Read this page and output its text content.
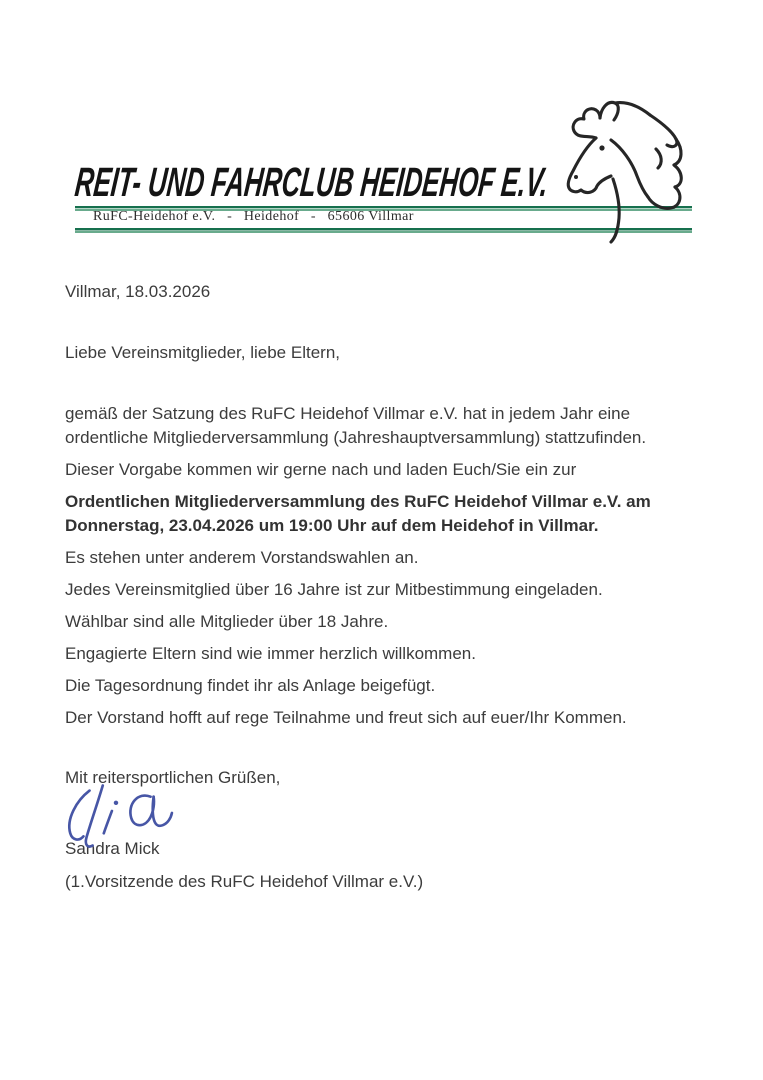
REIT- UND FAHRCLUB HEIDEHOF E.V.
RuFC-Heidehof e.V.   -   Heidehof   -   65606 Villmar

Villmar, 18.03.2026

Liebe Vereinsmitglieder, liebe Eltern,

gemäß der Satzung des RuFC Heidehof Villmar e.V. hat in jedem Jahr eine ordentliche Mitgliederversammlung (Jahreshauptversammlung) stattzufinden.

Dieser Vorgabe kommen wir gerne nach und laden Euch/Sie ein zur

Ordentlichen Mitgliederversammlung des RuFC Heidehof Villmar e.V. am Donnerstag, 23.04.2026 um 19:00 Uhr auf dem Heidehof in Villmar.

Es stehen unter anderem Vorstandswahlen an.

Jedes Vereinsmitglied über 16 Jahre ist zur Mitbestimmung eingeladen.

Wählbar sind alle Mitglieder über 18 Jahre.

Engagierte Eltern sind wie immer herzlich willkommen.

Die Tagesordnung findet ihr als Anlage beigefügt.

Der Vorstand hofft auf rege Teilnahme und freut sich auf euer/Ihr Kommen.

Mit reitersportlichen Grüßen,

Sandra Mick

(1.Vorsitzende des RuFC Heidehof Villmar e.V.)
